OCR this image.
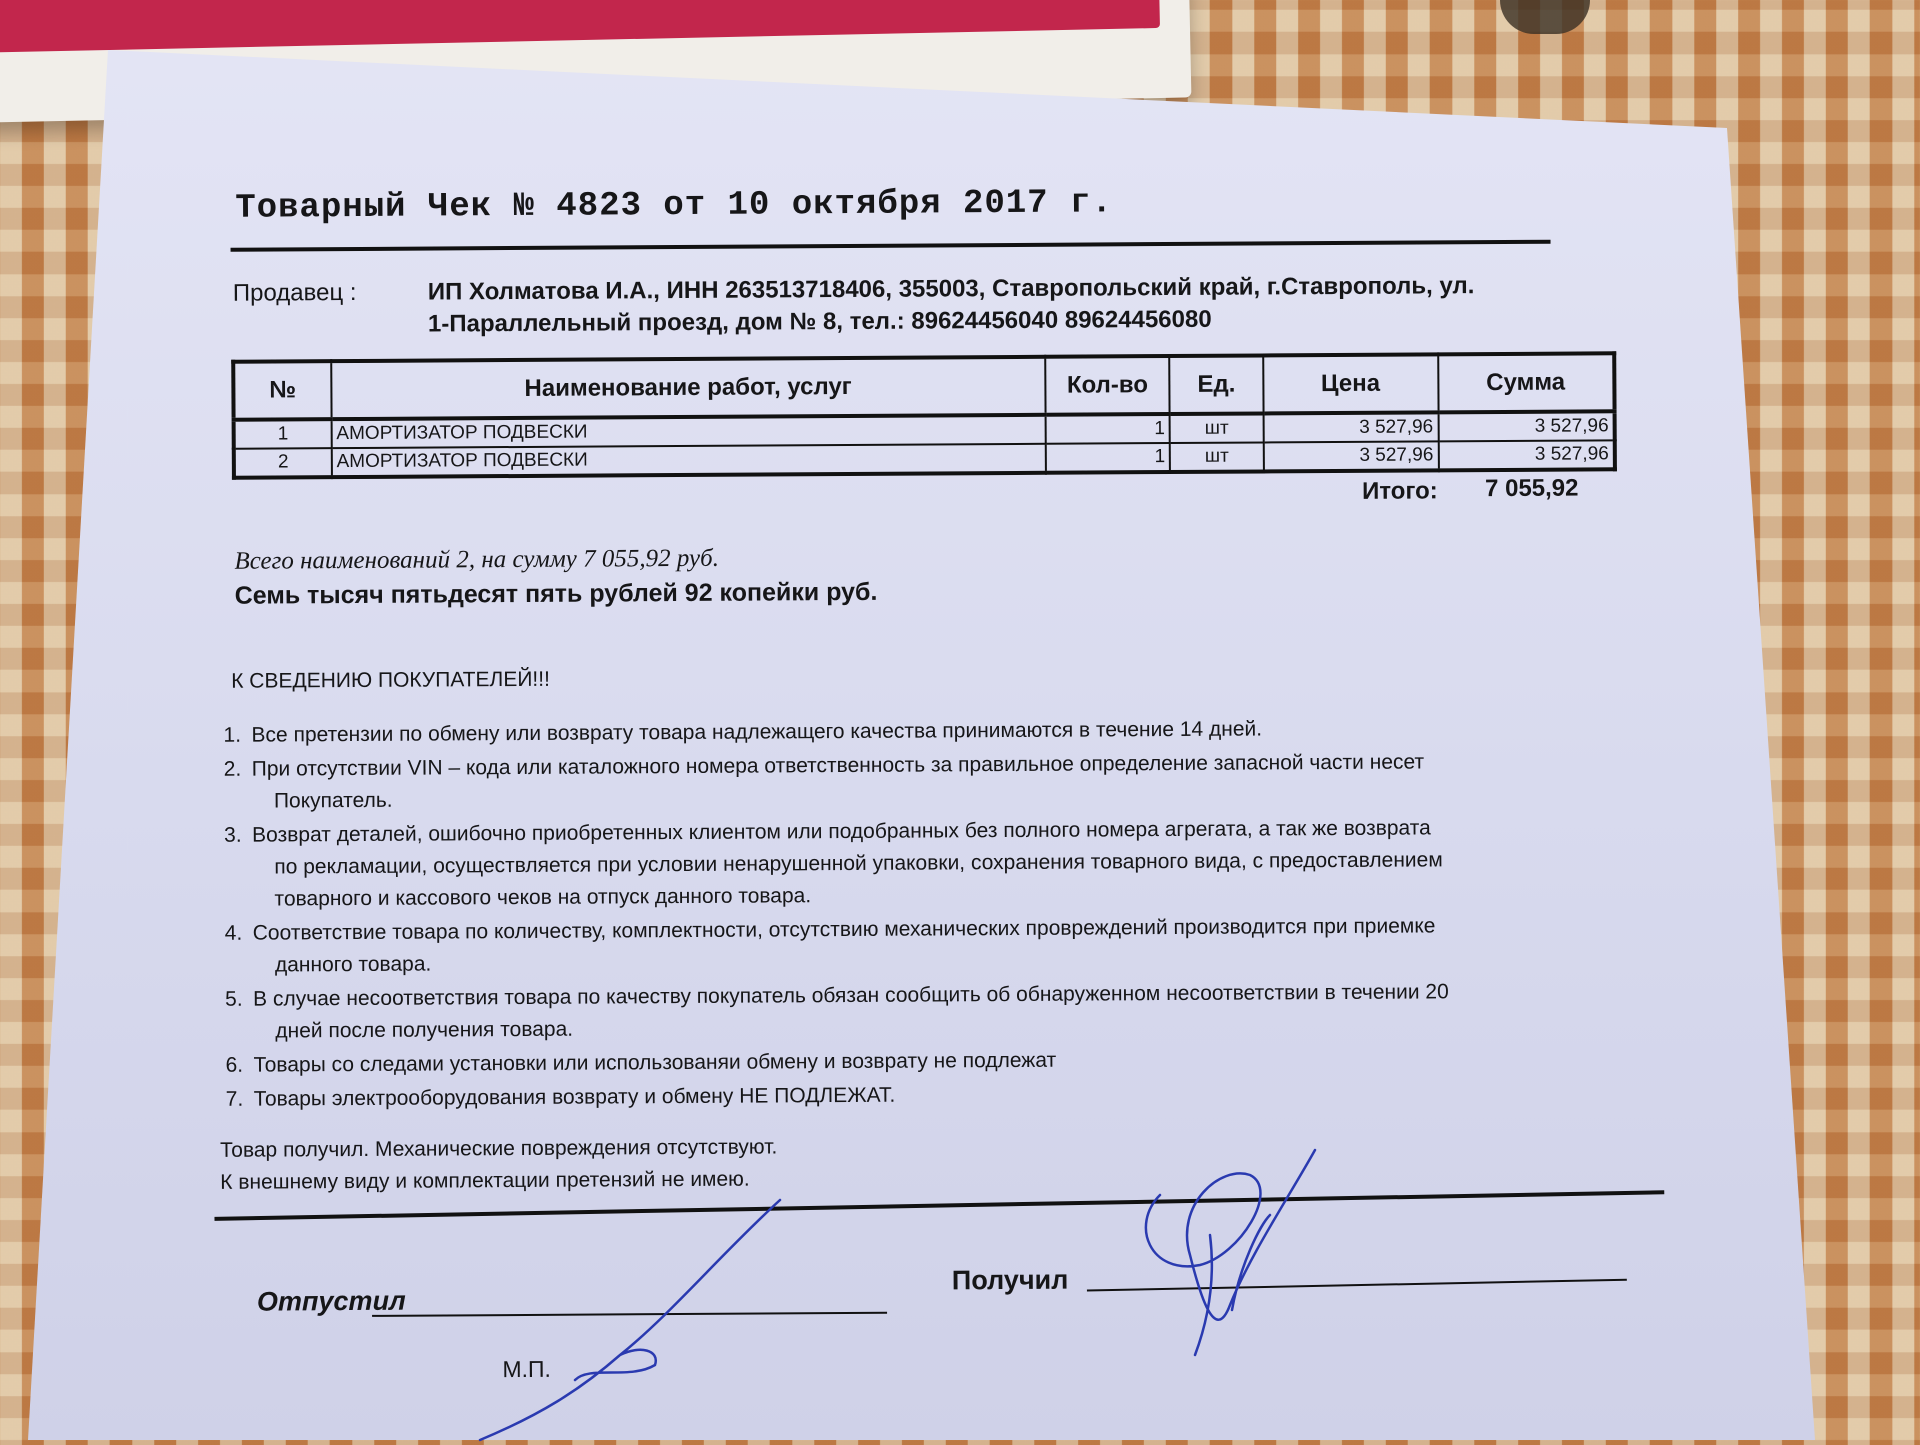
Товарный Чек № 4823 от 10 октября 2017 г.
Продавец :	ИП Холматова И.А., ИНН 263513718406, 355003, Ставропольский край, г.Ставрополь, ул.
1-Параллельный проезд, дом № 8, тел.: 89624456040 89624456080
№	Наименование работ, услуг	Кол-во	Ед.	Цена	Сумма
1	АМОРТИЗАТОР ПОДВЕСКИ	1	шт	3 527,96	3 527,96
2	АМОРТИЗАТОР ПОДВЕСКИ	1	шт	3 527,96	3 527,96
Итого: 7 055,92
Всего наименований 2, на сумму 7 055,92 руб.
Семь тысяч пятьдесят пять рублей 92 копейки руб.
К СВЕДЕНИЮ ПОКУПАТЕЛЕЙ!!!
1. Все претензии по обмену или возврату товара надлежащего качества принимаются в течение 14 дней.
2. При отсутствии VIN – кода или каталожного номера ответственность за правильное определение запасной части несет
Покупатель.
3. Возврат деталей, ошибочно приобретенных клиентом или подобранных без полного номера агрегата, а так же возврата
по рекламации, осуществляется при условии ненарушенной упаковки, сохранения товарного вида, с предоставлением
товарного и кассового чеков на отпуск данного товара.
4. Соответствие товара по количеству, комплектности, отсутствию механических провреждений производится при приемке
данного товара.
5. В случае несоответствия товара по качеству покупатель обязан сообщить об обнаруженном несоответствии в течении 20
дней после получения товара.
6. Товары со следами установки или использованяи обмену и возврату не подлежат
7. Товары электрооборудования возврату и обмену НЕ ПОДЛЕЖАТ.
Товар получил. Механические повреждения отсутствуют.
К внешнему виду и комплектации претензий не имею.
Отпустил
Получил
М.П.
